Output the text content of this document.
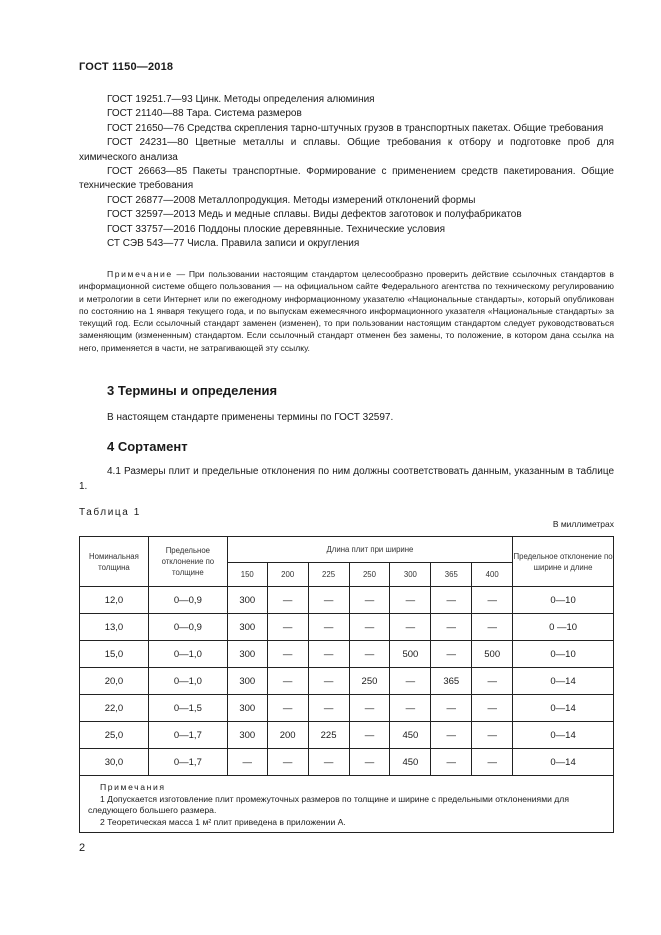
ГОСТ 1150—2018

ГОСТ 19251.7—93 Цинк. Методы определения алюминия

ГОСТ 21140—88 Тара. Система размеров

ГОСТ 21650—76 Средства скрепления тарно-штучных грузов в транспортных пакетах. Общие требования

ГОСТ 24231—80 Цветные металлы и сплавы. Общие требования к отбору и подготовке проб для химического анализа

ГОСТ 26663—85 Пакеты транспортные. Формирование с применением средств пакетирования. Общие технические требования

ГОСТ 26877—2008 Металлопродукция. Методы измерений отклонений формы

ГОСТ 32597—2013 Медь и медные сплавы. Виды дефектов заготовок и полуфабрикатов

ГОСТ 33757—2016 Поддоны плоские деревянные. Технические условия

СТ СЭВ 543—77 Числа. Правила записи и округления

Примечание — При пользовании настоящим стандартом целесообразно проверить действие ссылочных стандартов в информационной системе общего пользования — на официальном сайте Федерального агентства по техническому регулированию и метрологии в сети Интернет или по ежегодному информационному указателю «Национальные стандарты», который опубликован по состоянию на 1 января текущего года, и по выпускам ежемесячного информационного указателя «Национальные стандарты» за текущий год. Если ссылочный стандарт заменен (изменен), то при пользовании настоящим стандартом следует руководствоваться заменяющим (измененным) стандартом. Если ссылочный стандарт отменен без замены, то положение, в котором дана ссылка на него, применяется в части, не затрагивающей эту ссылку.

3 Термины и определения

В настоящем стандарте применены термины по ГОСТ 32597.

4 Сортамент

4.1 Размеры плит и предельные отклонения по ним должны соответствовать данным, указанным в таблице 1.

Таблица 1
В миллиметрах
Номинальная толщина	Предельное отклонение по толщине	Длина плит при ширине							Предельное отклонение по ширине и длине
		150	200	225	250	300	365	400	
12,0	0—0,9	300	—	—	—	—	—	—	0—10
13,0	0—0,9	300	—	—	—	—	—	—	0 —10
15,0	0—1,0	300	—	—	—	500	—	500	0—10
20,0	0—1,0	300	—	—	250	—	365	—	0—14
22,0	0—1,5	300	—	—	—	—	—	—	0—14
25,0	0—1,7	300	200	225	—	450	—	—	0—14
30,0	0—1,7	—	—	—	—	450	—	—	0—14

Примечания

1 Допускается изготовление плит промежуточных размеров по толщине и ширине с предельными отклонениями для следующего большего размера.

2 Теоретическая масса 1 м² плит приведена в приложении А.									

2
